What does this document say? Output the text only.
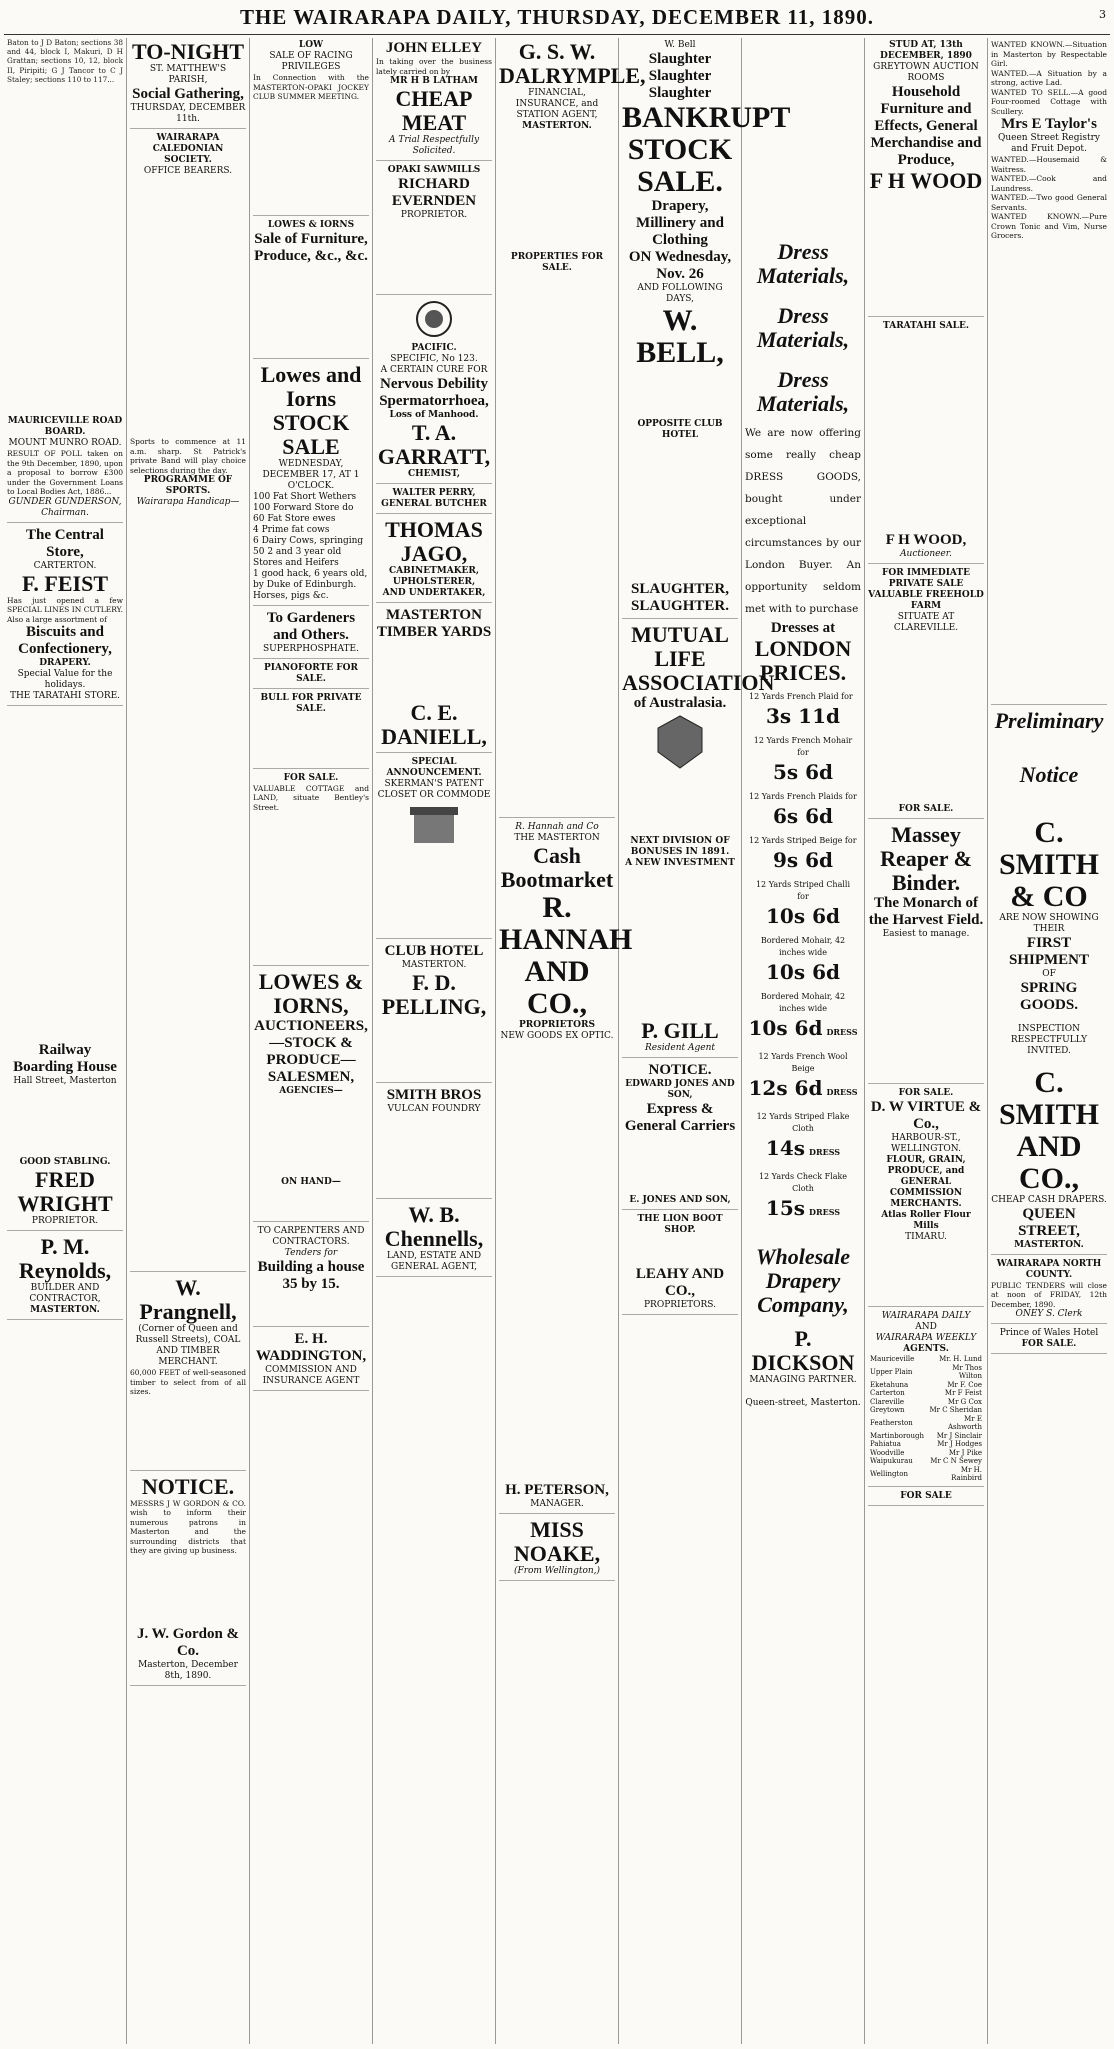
THE WAIRARAPA DAILY, THURSDAY, DECEMBER 11, 1890.	3
Baton to J D Baton; sections 38 and 44, block I, Makuri, D H Grattan; sections 10, 12, block II, Piripiti; G J Tancor to C J Staley; sections 110 to 117...

MAURICEVILLE ROAD BOARD.
MOUNT MUNRO ROAD.
RESULT OF POLL taken on the 9th December, 1890, upon a proposal to borrow £300 under the Government Loans to Local Bodies Act, 1886...
GUNDER GUNDERSON, Chairman.
The Central Store,
CARTERTON.
F. FEIST
Has just opened a few SPECIAL LINES IN CUTLERY. Also a large assortment of
Biscuits and Confectionery,
DRAPERY.
Special Value for the holidays.
THE TARATAHI STORE.

Railway Boarding House
Hall Street, Masterton

GOOD STABLING.
FRED WRIGHT
PROPRIETOR.
P. M. Reynolds,
BUILDER AND CONTRACTOR,
MASTERTON.
TO-NIGHT
ST. MATTHEW'S PARISH,
Social Gathering,
THURSDAY, DECEMBER 11th.
WAIRARAPA CALEDONIAN SOCIETY.
OFFICE BEARERS.

Sports to commence at 11 a.m. sharp. St Patrick's private Band will play choice selections during the day.
PROGRAMME OF SPORTS.
Wairarapa Handicap—

W. Prangnell,
(Corner of Queen and Russell Streets), COAL AND TIMBER MERCHANT.
60,000 FEET of well-seasoned timber to select from of all sizes.

NOTICE.
MESSRS J W GORDON & CO. wish to inform their numerous patrons in Masterton and the surrounding districts that they are giving up business.

J. W. Gordon & Co.
Masterton, December 8th, 1890.
LOW
SALE OF RACING PRIVILEGES
In Connection with the MASTERTON-OPAKI JOCKEY CLUB SUMMER MEETING.

LOWES & IORNS
Sale of Furniture, Produce, &c., &c.

Lowes and Iorns STOCK SALE
WEDNESDAY, DECEMBER 17, AT 1 O'CLOCK.
100 Fat Short Wethers
100 Forward Store do
60 Fat Store ewes
4 Prime fat cows
6 Dairy Cows, springing
50 2 and 3 year old Stores and Heifers
1 good hack, 6 years old, by Duke of Edinburgh. Horses, pigs &c.
To Gardeners and Others.
SUPERPHOSPHATE.
PIANOFORTE FOR SALE.
BULL FOR PRIVATE SALE.

FOR SALE.
VALUABLE COTTAGE and LAND, situate Bentley's Street.

LOWES & IORNS,
AUCTIONEERS,
—STOCK & PRODUCE—
SALESMEN,
AGENCIES—

ON HAND—

TO CARPENTERS AND CONTRACTORS.
Tenders for
Building a house 35 by 15.

E. H. WADDINGTON,
COMMISSION AND INSURANCE AGENT
JOHN ELLEY
In taking over the business lately carried on by
MR H B LATHAM
CHEAP MEAT
A Trial Respectfully Solicited.
OPAKI SAWMILLS
RICHARD EVERNDEN
PROPRIETOR.

PACIFIC.
SPECIFIC, No 123.
A CERTAIN CURE FOR
Nervous Debility
Spermatorrhoea,
Loss of Manhood.
T. A. GARRATT,
CHEMIST,
WALTER PERRY, GENERAL BUTCHER
THOMAS JAGO,
CABINETMAKER,
UPHOLSTERER,
AND UNDERTAKER,
MASTERTON TIMBER YARDS

C. E. DANIELL,
SPECIAL ANNOUNCEMENT.
SKERMAN'S PATENT CLOSET OR COMMODE

CLUB HOTEL
MASTERTON.
F. D. PELLING,

SMITH BROS
VULCAN FOUNDRY

W. B. Chennells,
LAND, ESTATE AND GENERAL AGENT,
G. S. W.
DALRYMPLE,
FINANCIAL, INSURANCE, and STATION AGENT,
MASTERTON.

PROPERTIES FOR SALE.

R. Hannah and Co
THE MASTERTON
Cash Bootmarket
R. HANNAH AND CO.,
PROPRIETORS
NEW GOODS EX OPTIC.

H. PETERSON,
MANAGER.
MISS NOAKE,
(From Wellington,)
W. Bell
Slaughter
Slaughter
Slaughter
BANKRUPT
STOCK SALE.
Drapery, Millinery and Clothing
ON Wednesday, Nov. 26
AND FOLLOWING DAYS,
W. BELL,

OPPOSITE CLUB HOTEL

SLAUGHTER, SLAUGHTER.
MUTUAL LIFE
ASSOCIATION
of Australasia.

NEXT DIVISION OF BONUSES IN 1891.
A NEW INVESTMENT

P. GILL
Resident Agent
NOTICE.
EDWARD JONES AND SON,
Express & General Carriers

E. JONES AND SON,
THE LION BOOT SHOP.

LEAHY AND CO.,
PROPRIETORS.
Dress Materials,
Dress Materials,
Dress Materials,
We are now offering some really cheap DRESS GOODS, bought under exceptional circumstances by our London Buyer. An opportunity seldom met with to purchase
Dresses at
LONDON PRICES.
12 Yards French Plaid for
3s 11d
12 Yards French Mohair for
5s 6d
12 Yards French Plaids for
6s 6d
12 Yards Striped Beige for
9s 6d
12 Yards Striped Challi for
10s 6d
Bordered Mohair, 42 inches wide
10s 6d
Bordered Mohair, 42 inches wide
10s 6d DRESS
12 Yards French Wool Beige
12s 6d DRESS
12 Yards Striped Flake Cloth
14s DRESS
12 Yards Check Flake Cloth
15s DRESS
Wholesale Drapery
Company,
P. DICKSON
MANAGING PARTNER.
Queen-street, Masterton.
STUD AT, 13th DECEMBER, 1890
GREYTOWN AUCTION ROOMS
Household Furniture and Effects, General Merchandise and Produce,
F H WOOD

TARATAHI SALE.

F H WOOD,
Auctioneer.
FOR IMMEDIATE PRIVATE SALE
VALUABLE FREEHOLD FARM
SITUATE AT CLAREVILLE.

FOR SALE.
Massey Reaper & Binder.
The Monarch of the Harvest Field.
Easiest to manage.

FOR SALE.
D. W VIRTUE & Co.,
HARBOUR-ST., WELLINGTON.
FLOUR, GRAIN, PRODUCE, and GENERAL COMMISSION MERCHANTS.
Atlas Roller Flour Mills
TIMARU.

WAIRARAPA DAILY
AND
WAIRARAPA WEEKLY
AGENTS.
Mauriceville	Mr. H. Lund
Upper Plain	Mr Thos Wilton
Eketahuna	Mr F. Coe
Carterton	Mr F Feist
Clareville	Mr G Cox
Greytown	Mr C Sheridan
Featherston	Mr E Ashworth
Martinborough	Mr J Sinclair
Pahiatua	Mr J Hodges
Woodville	Mr J Pike
Waipukurau	Mr C N Sewey
Wellington	Mr H. Rainbird
FOR SALE
WANTED KNOWN.—Situation in Masterton by Respectable Girl.
WANTED.—A Situation by a strong, active Lad.
WANTED TO SELL.—A good Four-roomed Cottage with Scullery.
Mrs E Taylor's
Queen Street Registry and Fruit Depot.
WANTED.—Housemaid & Waitress.
WANTED.—Cook and Laundress.
WANTED.—Two good General Servants.
WANTED KNOWN.—Pure Crown Tonic and Vim, Nurse Grocers.

Preliminary
Notice
C. SMITH & CO
ARE NOW SHOWING THEIR
FIRST SHIPMENT
OF
SPRING GOODS.
INSPECTION RESPECTFULLY INVITED.
C. SMITH
AND CO.,
CHEAP CASH DRAPERS.
QUEEN STREET,
MASTERTON.
WAIRARAPA NORTH COUNTY.
PUBLIC TENDERS will close at noon of FRIDAY, 12th December, 1890.
ONEY S. Clerk
Prince of Wales Hotel
FOR SALE.
